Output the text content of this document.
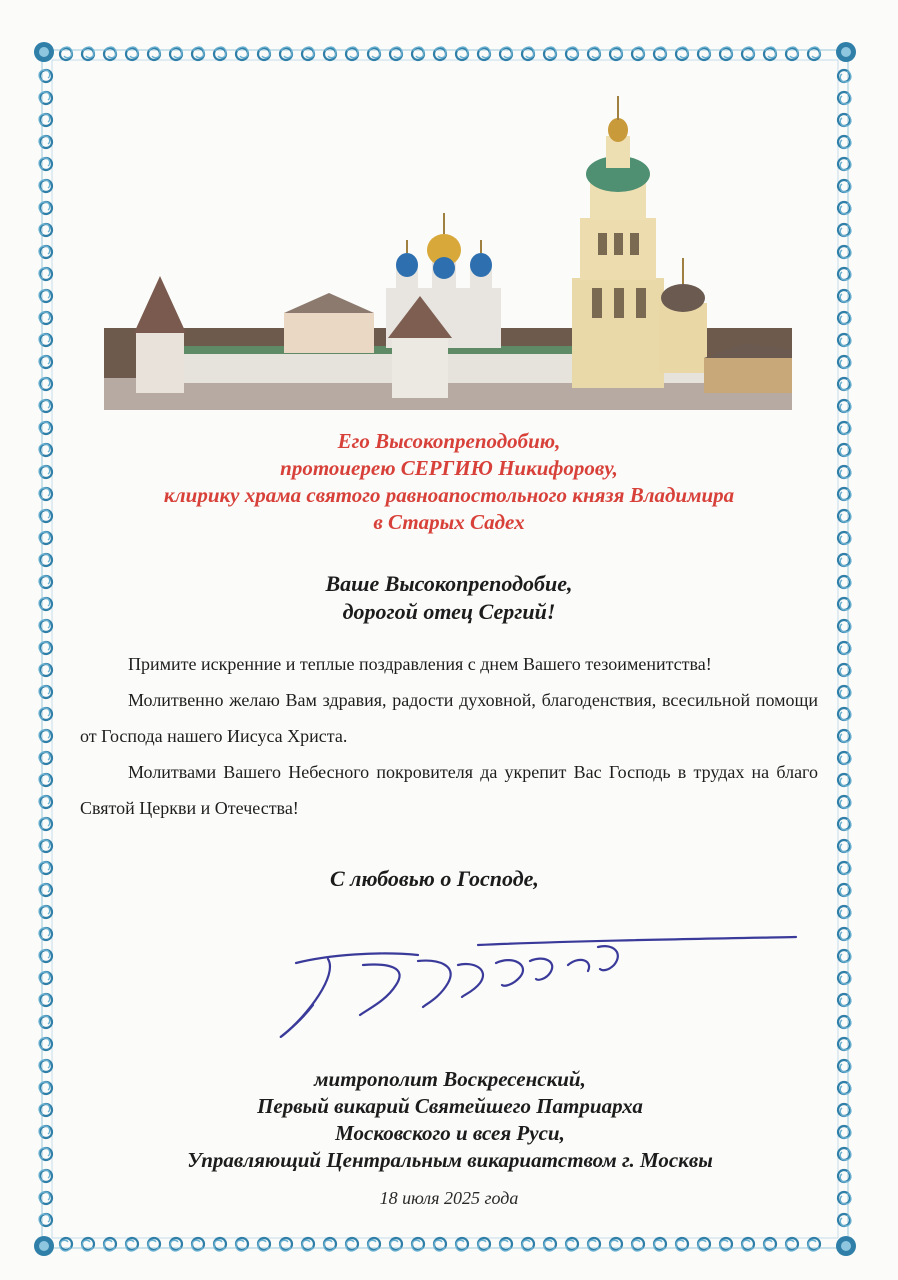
Его Высокопреподобию,
протоиерею СЕРГИЮ Никифорову,
клирику храма святого равноапостольного князя Владимира
в Старых Садех
Ваше Высокопреподобие,
дорогой отец Сергий!
Примите искренние и теплые поздравления с днем Вашего тезоименитства!
Молитвенно желаю Вам здравия, радости духовной, благоденствия, всесильной помощи от Господа нашего Иисуса Христа.
Молитвами Вашего Небесного покровителя да укрепит Вас Господь в трудах на благо Святой Церкви и Отечества!
С любовью о Господе,
митрополит Воскресенский,
Первый викарий Святейшего Патриарха
Московского и всея Руси,
Управляющий Центральным викариатством г. Москвы
18 июля 2025 года
